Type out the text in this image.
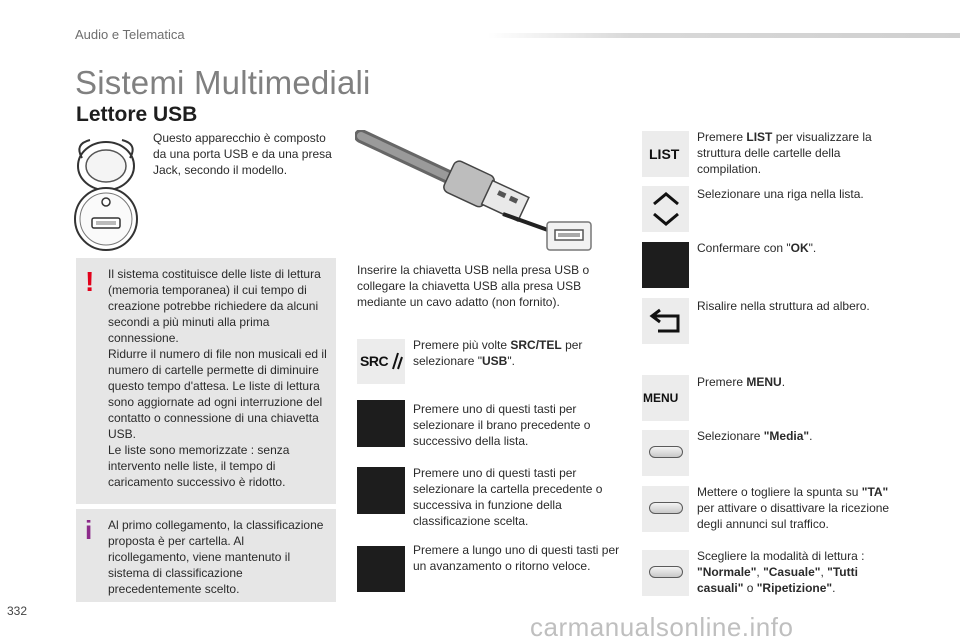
Audio e Telematica
Sistemi Multimediali
Lettore USB
Questo apparecchio è composto da una porta USB e da una presa Jack, secondo il modello.
! Il sistema costituisce delle liste di lettura (memoria temporanea) il cui tempo di creazione potrebbe richiedere da alcuni secondi a più minuti alla prima connessione.
Ridurre il numero di file non musicali ed il numero di cartelle permette di diminuire questo tempo d'attesa. Le liste di lettura sono aggiornate ad ogni interruzione del contatto o connessione di una chiavetta USB.
Le liste sono memorizzate : senza intervento nelle liste, il tempo di caricamento successivo è ridotto.
i Al primo collegamento, la classificazione proposta è per cartella. Al ricollegamento, viene mantenuto il sistema di classificazione precedentemente scelto.
Inserire la chiavetta USB nella presa USB o collegare la chiavetta USB alla presa USB mediante un cavo adatto (non fornito).
SRC
Premere più volte SRC/TEL per selezionare "USB".
Premere uno di questi tasti per selezionare il brano precedente o successivo della lista.
Premere uno di questi tasti per selezionare la cartella precedente o successiva in funzione della classificazione scelta.
Premere a lungo uno di questi tasti per un avanzamento o ritorno veloce.
LIST
Premere LIST per visualizzare la struttura delle cartelle della compilation.
Selezionare una riga nella lista.
Confermare con "OK".
Risalire nella struttura ad albero.
MENU
Premere MENU.
Selezionare "Media".
Mettere o togliere la spunta su "TA" per attivare o disattivare la ricezione degli annunci sul traffico.
Scegliere la modalità di lettura : "Normale", "Casuale", "Tutti casuali" o "Ripetizione".
332
carmanualsonline.info
